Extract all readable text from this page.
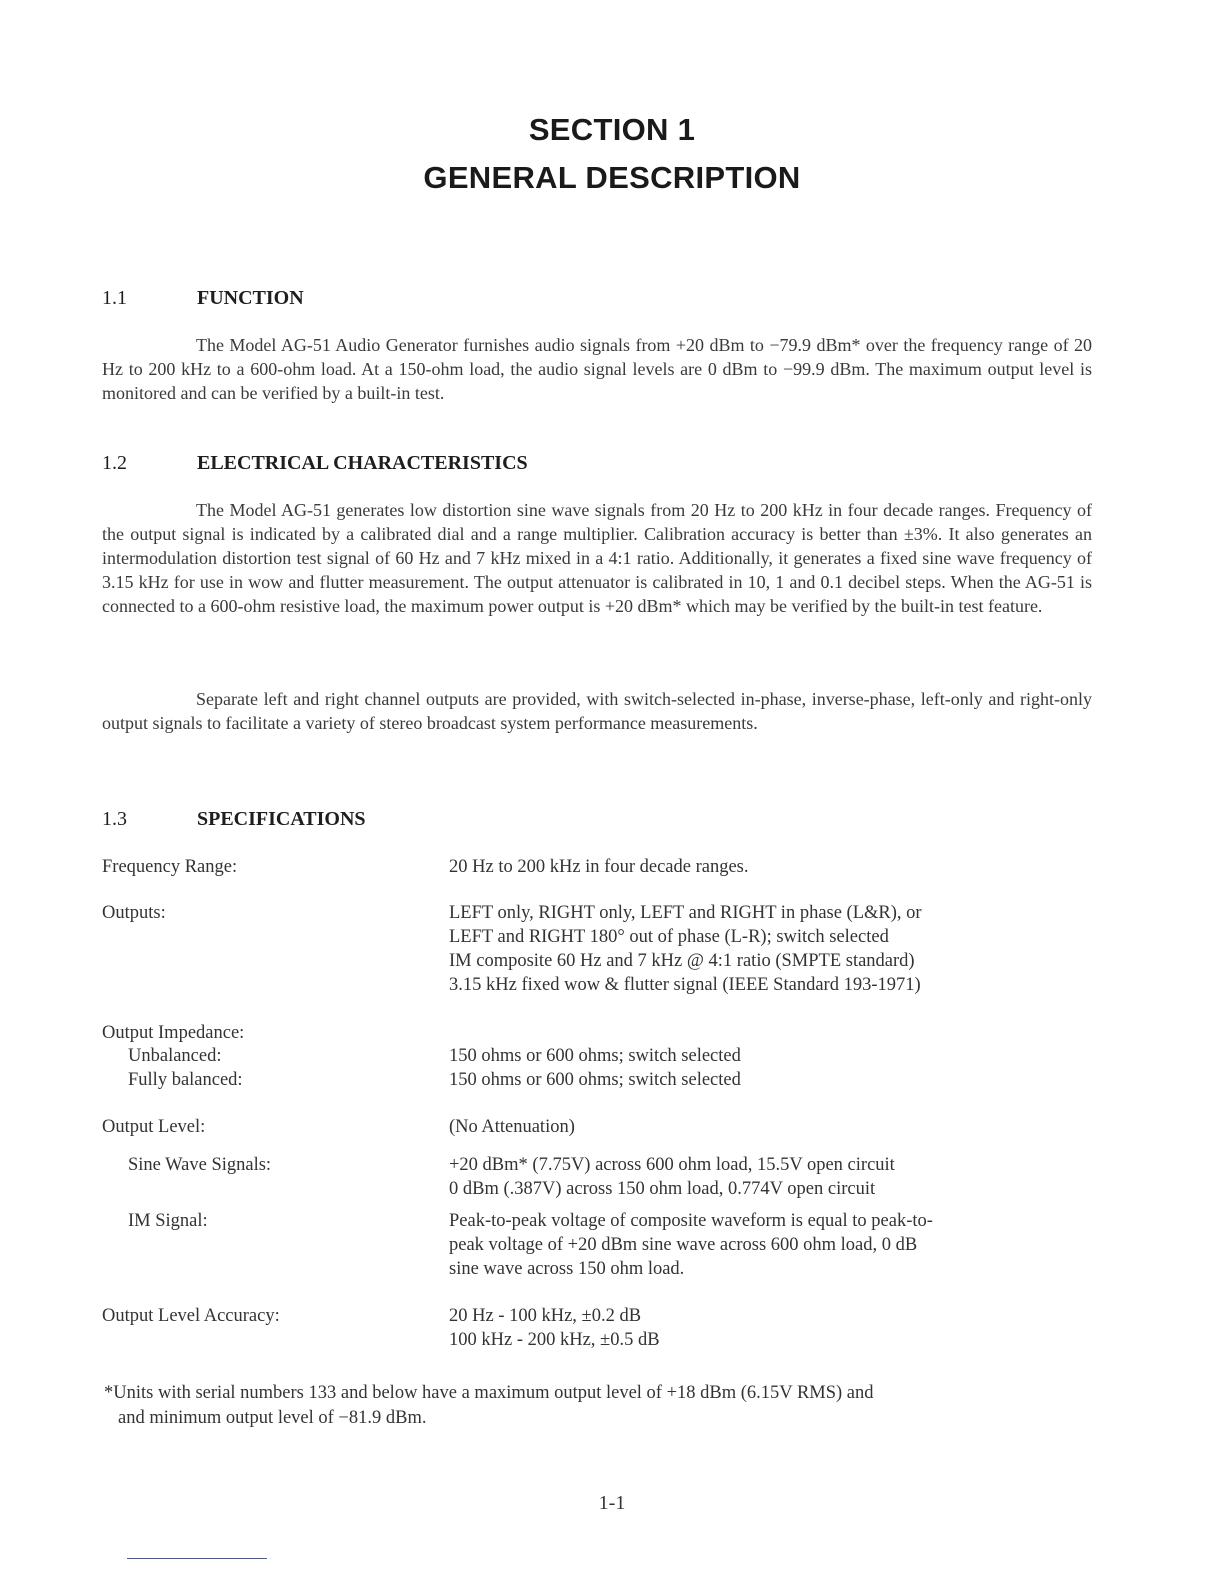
SECTION 1
GENERAL DESCRIPTION
1.1	FUNCTION

The Model AG-51 Audio Generator furnishes audio signals from +20 dBm to −79.9 dBm* over the frequency range of 20 Hz to 200 kHz to a 600-ohm load. At a 150-ohm load, the audio signal levels are 0 dBm to −99.9 dBm. The maximum output level is monitored and can be verified by a built-in test.

1.2	ELECTRICAL CHARACTERISTICS

The Model AG-51 generates low distortion sine wave signals from 20 Hz to 200 kHz in four decade ranges. Frequency of the output signal is indicated by a calibrated dial and a range multiplier. Calibration accuracy is better than ±3%. It also generates an intermodulation distortion test signal of 60 Hz and 7 kHz mixed in a 4:1 ratio. Additionally, it generates a fixed sine wave frequency of 3.15 kHz for use in wow and flutter measurement. The output attenuator is calibrated in 10, 1 and 0.1 decibel steps. When the AG-51 is connected to a 600-ohm resistive load, the maximum power output is +20 dBm* which may be verified by the built-in test feature.

Separate left and right channel outputs are provided, with switch-selected in-phase, inverse-phase, left-only and right-only output signals to facilitate a variety of stereo broadcast system performance measurements.

1.3	SPECIFICATIONS
Frequency Range:	20 Hz to 200 kHz in four decade ranges.
Outputs:	LEFT only, RIGHT only, LEFT and RIGHT in phase (L&R), or
LEFT and RIGHT 180° out of phase (L-R); switch selected
IM composite 60 Hz and 7 kHz @ 4:1 ratio (SMPTE standard)
3.15 kHz fixed wow & flutter signal (IEEE Standard 193-1971)
Output Impedance:
Unbalanced:	150 ohms or 600 ohms; switch selected
Fully balanced:	150 ohms or 600 ohms; switch selected
Output Level:	(No Attenuation)
Sine Wave Signals:	+20 dBm* (7.75V) across 600 ohm load, 15.5V open circuit
0 dBm (.387V) across 150 ohm load, 0.774V open circuit
IM Signal:	Peak-to-peak voltage of composite waveform is equal to peak-to-
peak voltage of +20 dBm sine wave across 600 ohm load, 0 dB
sine wave across 150 ohm load.
Output Level Accuracy:	20 Hz - 100 kHz, ±0.2 dB
100 kHz - 200 kHz, ±0.5 dB
*Units with serial numbers 133 and below have a maximum output level of +18 dBm (6.15V RMS) and
and minimum output level of −81.9 dBm.
1-1
